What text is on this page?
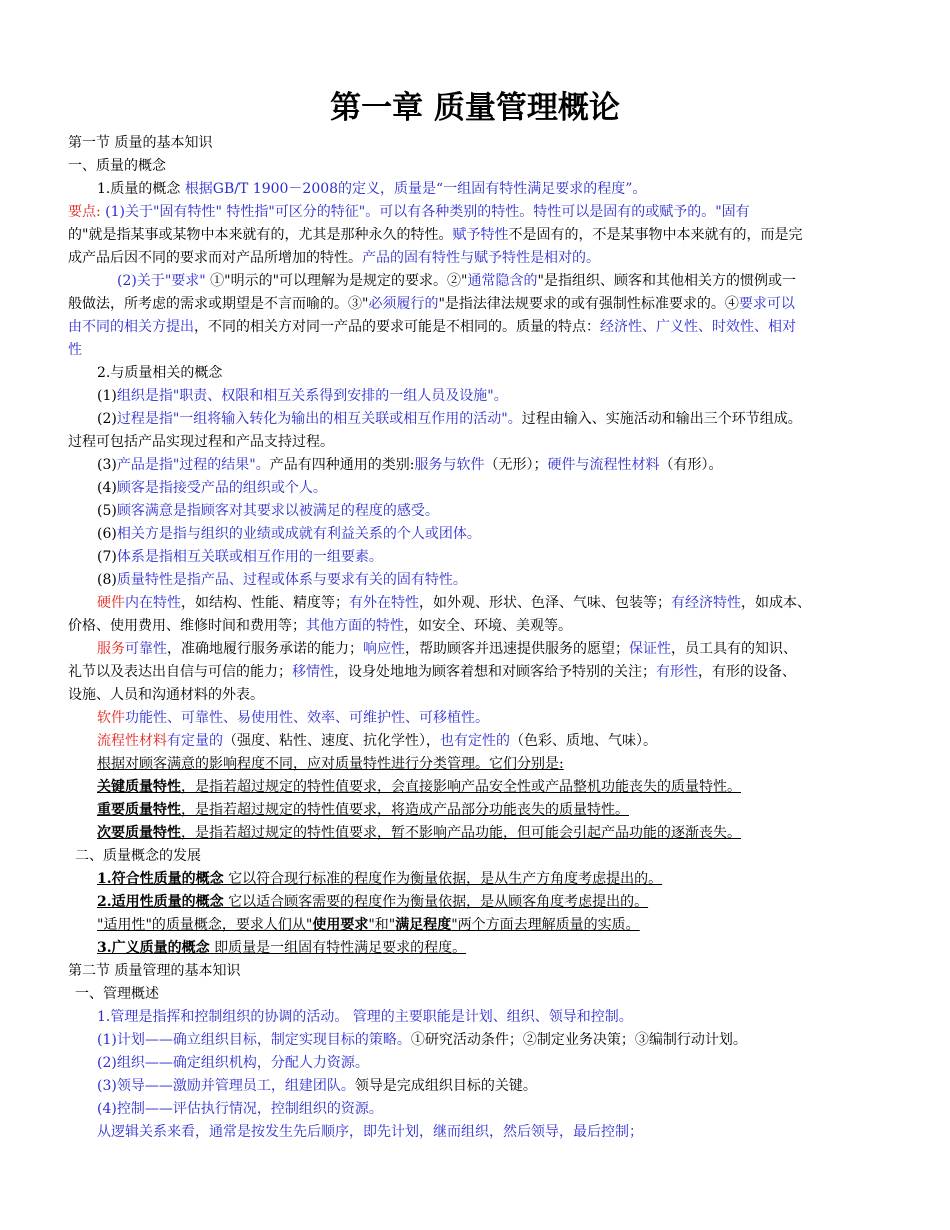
第一章 质量管理概论
第一节 质量的基本知识
一、质量的概念
1.质量的概念 根据GB/T 1900－2008的定义，质量是“一组固有特性满足要求的程度”。
要点: (1)关于"固有特性" 特性指"可区分的特征"。可以有各种类别的特性。特性可以是固有的或赋予的。"固有
的"就是指某事或某物中本来就有的，尤其是那种永久的特性。赋予特性不是固有的，不是某事物中本来就有的，而是完
成产品后因不同的要求而对产品所增加的特性。产品的固有特性与赋予特性是相对的。
(2)关于"要求" ①"明示的"可以理解为是规定的要求。②"通常隐含的"是指组织、顾客和其他相关方的惯例或一
般做法，所考虑的需求或期望是不言而喻的。③"必须履行的"是指法律法规要求的或有强制性标准要求的。④要求可以
由不同的相关方提出，不同的相关方对同一产品的要求可能是不相同的。质量的特点：经济性、广义性、时效性、相对
性
2.与质量相关的概念
(1)组织是指"职责、权限和相互关系得到安排的一组人员及设施"。
(2)过程是指"一组将输入转化为输出的相互关联或相互作用的活动"。过程由输入、实施活动和输出三个环节组成。
过程可包括产品实现过程和产品支持过程。
(3)产品是指"过程的结果"。产品有四种通用的类别:服务与软件（无形）；硬件与流程性材料（有形）。
(4)顾客是指接受产品的组织或个人。
(5)顾客满意是指顾客对其要求以被满足的程度的感受。
(6)相关方是指与组织的业绩或成就有利益关系的个人或团体。
(7)体系是指相互关联或相互作用的一组要素。
(8)质量特性是指产品、过程或体系与要求有关的固有特性。
硬件内在特性，如结构、性能、精度等；有外在特性，如外观、形状、色泽、气味、包装等；有经济特性，如成本、
价格、使用费用、维修时间和费用等；其他方面的特性，如安全、环境、美观等。
服务可靠性，准确地履行服务承诺的能力；响应性，帮助顾客并迅速提供服务的愿望；保证性，员工具有的知识、
礼节以及表达出自信与可信的能力；移情性，设身处地地为顾客着想和对顾客给予特别的关注；有形性，有形的设备、
设施、人员和沟通材料的外表。
软件功能性、可靠性、易使用性、效率、可维护性、可移植性。
流程性材料有定量的（强度、粘性、速度、抗化学性），也有定性的（色彩、质地、气味）。
根据对顾客满意的影响程度不同，应对质量特性进行分类管理。它们分别是:
关键质量特性，是指若超过规定的特性值要求，会直接影响产品安全性或产品整机功能丧失的质量特性。
重要质量特性，是指若超过规定的特性值要求，将造成产品部分功能丧失的质量特性。
次要质量特性，是指若超过规定的特性值要求，暂不影响产品功能，但可能会引起产品功能的逐渐丧失。
二、质量概念的发展
1.符合性质量的概念 它以符合现行标准的程度作为衡量依据，是从生产方角度考虑提出的。
2.适用性质量的概念 它以适合顾客需要的程度作为衡量依据，是从顾客角度考虑提出的。
"适用性"的质量概念，要求人们从"使用要求"和"满足程度"两个方面去理解质量的实质。
3.广义质量的概念 即质量是一组固有特性满足要求的程度。
第二节 质量管理的基本知识
一、管理概述
1.管理是指挥和控制组织的协调的活动。 管理的主要职能是计划、组织、领导和控制。
(1)计划——确立组织目标，制定实现目标的策略。①研究活动条件；②制定业务决策；③编制行动计划。
(2)组织——确定组织机构，分配人力资源。
(3)领导——激励并管理员工，组建团队。领导是完成组织目标的关键。
(4)控制——评估执行情况，控制组织的资源。
从逻辑关系来看，通常是按发生先后顺序，即先计划，继而组织，然后领导，最后控制；
